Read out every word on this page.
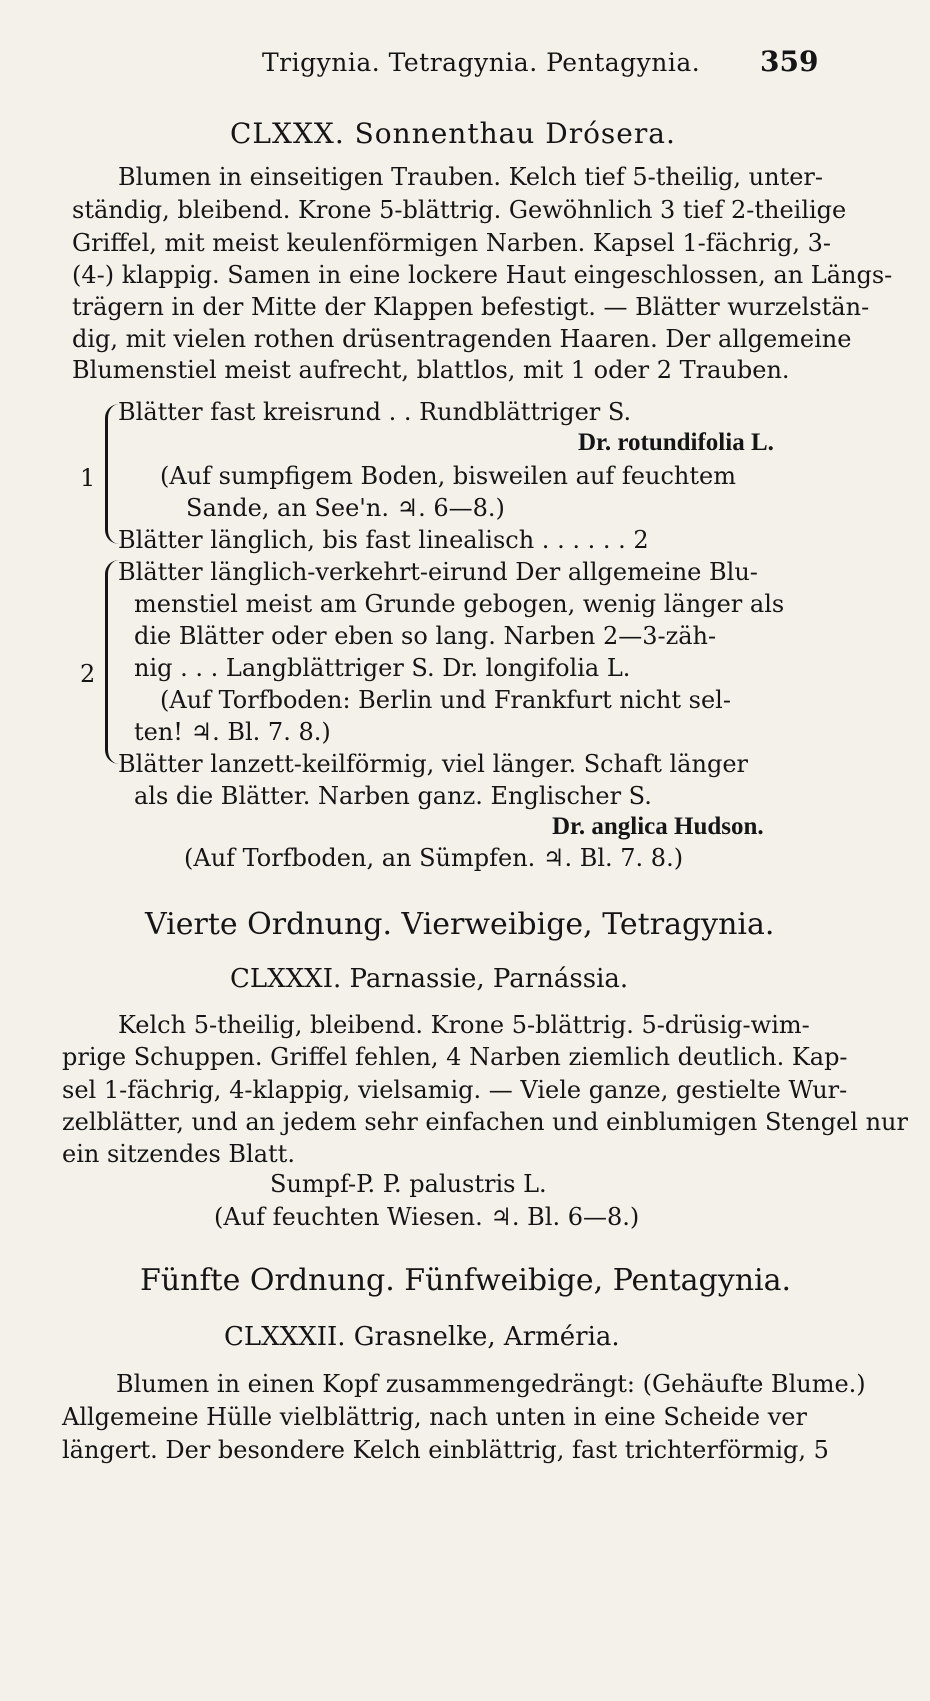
Trigynia. Tetragynia. Pentagynia. 359
CLXXX. Sonnenthau Drósera.
Blumen in einseitigen Trauben. Kelch tief 5-theilig, unter-
ständig, bleibend. Krone 5-blättrig. Gewöhnlich 3 tief 2-theilige
Griffel, mit meist keulenförmigen Narben. Kapsel 1-fächrig, 3-
(4-) klappig. Samen in eine lockere Haut eingeschlossen, an Längs-
trägern in der Mitte der Klappen befestigt. — Blätter wurzelstän-
dig, mit vielen rothen drüsentragenden Haaren. Der allgemeine
Blumenstiel meist aufrecht, blattlos, mit 1 oder 2 Trauben.
1
Blätter fast kreisrund . . Rundblättriger S.
Dr. rotundifolia L.
(Auf sumpfigem Boden, bisweilen auf feuchtem
Sande, an See'n. ♃. 6—8.)
Blätter länglich, bis fast linealisch . . . . . . 2
2
Blätter länglich-verkehrt-eirund Der allgemeine Blu-
menstiel meist am Grunde gebogen, wenig länger als
die Blätter oder eben so lang. Narben 2—3-zäh-
nig . . . Langblättriger S. Dr. longifolia L.
(Auf Torfboden: Berlin und Frankfurt nicht sel-
ten! ♃. Bl. 7. 8.)
Blätter lanzett-keilförmig, viel länger. Schaft länger
als die Blätter. Narben ganz. Englischer S.
Dr. anglica Hudson.
(Auf Torfboden, an Sümpfen. ♃. Bl. 7. 8.)
Vierte Ordnung. Vierweibige, Tetragynia.
CLXXXI. Parnassie, Parnássia.
Kelch 5-theilig, bleibend. Krone 5-blättrig. 5-drüsig-wim-
prige Schuppen. Griffel fehlen, 4 Narben ziemlich deutlich. Kap-
sel 1-fächrig, 4-klappig, vielsamig. — Viele ganze, gestielte Wur-
zelblätter, und an jedem sehr einfachen und einblumigen Stengel nur
ein sitzendes Blatt.
Sumpf-P. P. palustris L.
(Auf feuchten Wiesen. ♃. Bl. 6—8.)
Fünfte Ordnung. Fünfweibige, Pentagynia.
CLXXXII. Grasnelke, Arméria.
Blumen in einen Kopf zusammengedrängt: (Gehäufte Blume.)
Allgemeine Hülle vielblättrig, nach unten in eine Scheide ver
längert. Der besondere Kelch einblättrig, fast trichterförmig, 5
